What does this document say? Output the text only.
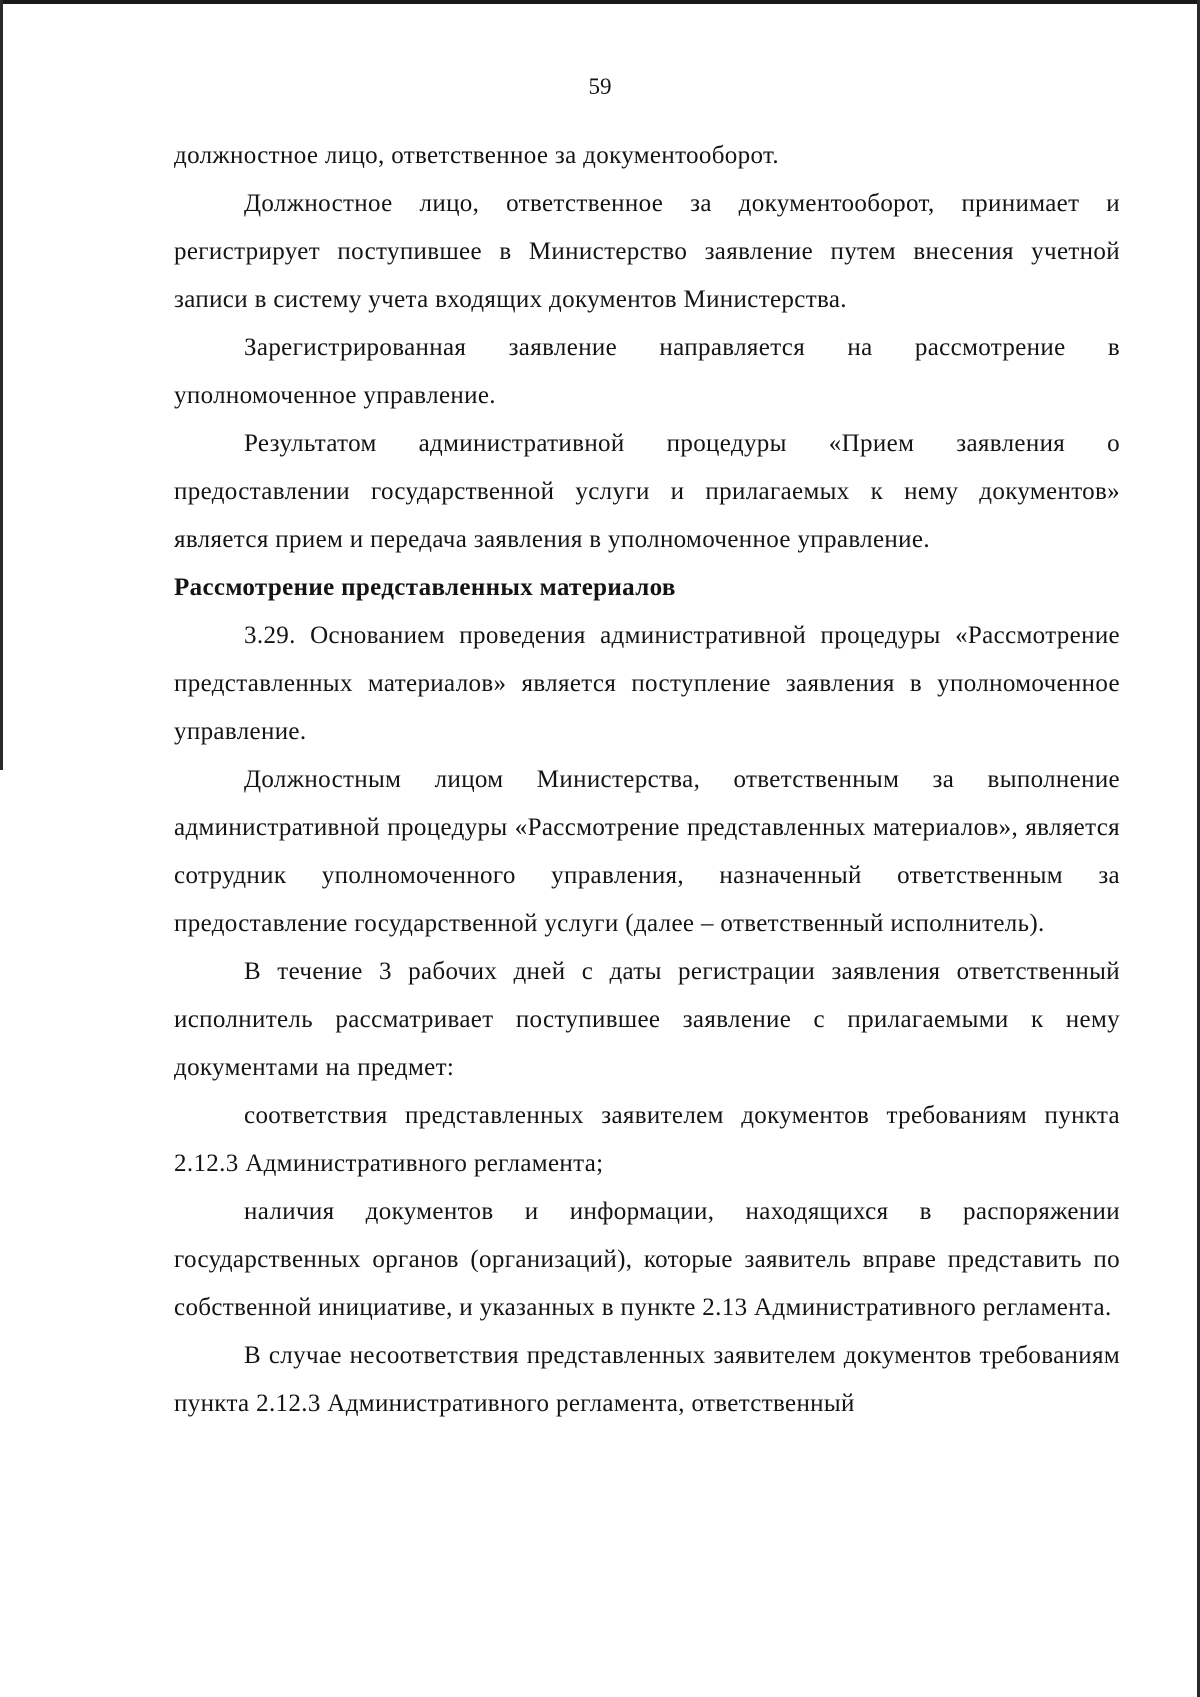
59

должностное лицо, ответственное за документооборот.

Должностное лицо, ответственное за документооборот, принимает и регистрирует поступившее в Министерство заявление путем внесения учетной записи в систему учета входящих документов Министерства.

Зарегистрированная заявление направляется на рассмотрение в уполномоченное управление.

Результатом административной процедуры «Прием заявления о предоставлении государственной услуги и прилагаемых к нему документов» является прием и передача заявления в уполномоченное управление.

Рассмотрение представленных материалов

3.29. Основанием проведения административной процедуры «Рассмотрение представленных материалов» является поступление заявления в уполномоченное управление.

Должностным лицом Министерства, ответственным за выполнение административной процедуры «Рассмотрение представленных материалов», является сотрудник уполномоченного управления, назначенный ответственным за предоставление государственной услуги (далее – ответственный исполнитель).

В течение 3 рабочих дней с даты регистрации заявления ответственный исполнитель рассматривает поступившее заявление с прилагаемыми к нему документами на предмет:

соответствия представленных заявителем документов требованиям пункта 2.12.3 Административного регламента;

наличия документов и информации, находящихся в распоряжении государственных органов (организаций), которые заявитель вправе представить по собственной инициативе, и указанных в пункте 2.13 Административного регламента.

В случае несоответствия представленных заявителем документов требованиям пункта 2.12.3 Административного регламента, ответственный
